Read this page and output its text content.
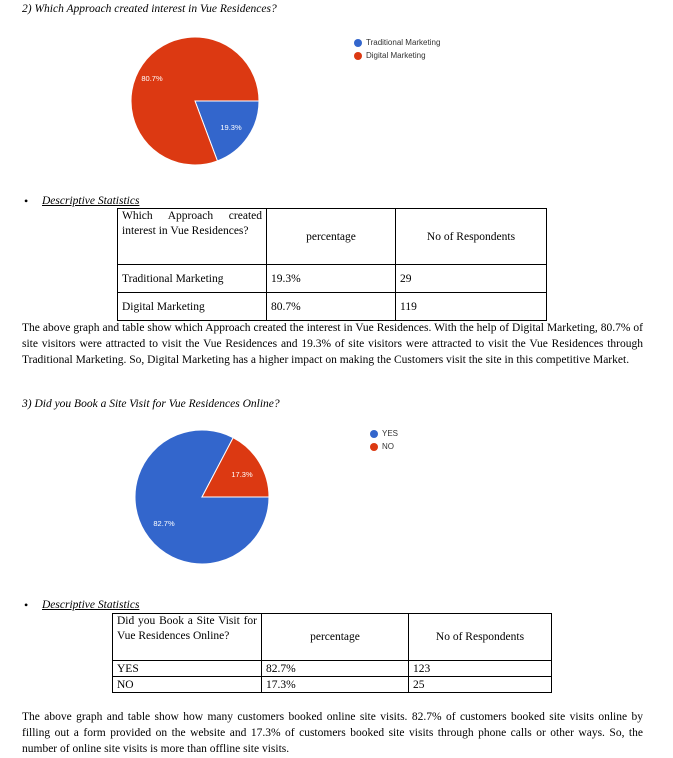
2) Which Approach created interest in Vue Residences?
19.3%
80.7%
Traditional Marketing
Digital Marketing
• Descriptive Statistics
Which Approach created interest in Vue Residences?	percentage	No of Respondents
Traditional Marketing	19.3%	29
Digital Marketing	80.7%	119
The above graph and table show which Approach created the interest in Vue Residences. With the help of Digital Marketing, 80.7% of site visitors were attracted to visit the Vue Residences and 19.3% of site visitors were attracted to visit the Vue Residences through Traditional Marketing. So, Digital Marketing has a higher impact on making the Customers visit the site in this competitive Market.
3) Did you Book a Site Visit for Vue Residences Online?
82.7%
17.3%
YES
NO
• Descriptive Statistics
Did you Book a Site Visit for Vue Residences Online?	percentage	No of Respondents
YES	82.7%	123
NO	17.3%	25
The above graph and table show how many customers booked online site visits. 82.7% of customers booked site visits online by filling out a form provided on the website and 17.3% of customers booked site visits through phone calls or other ways. So, the number of online site visits is more than offline site visits.
